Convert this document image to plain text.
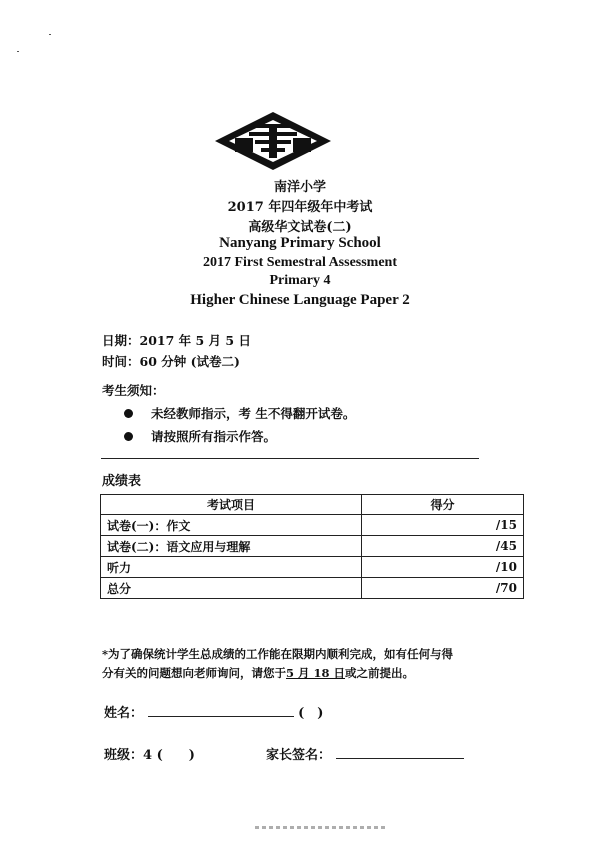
南洋小学
2017 年四年级年中考试
高级华文试卷(二)
Nanyang Primary School
2017 First Semestral Assessment
Primary 4
Higher Chinese Language Paper 2
日期：2017 年 5 月 5 日
时间：60 分钟 (试卷二)
考生须知：
未经教师指示，考 生不得翻开试卷。
请按照所有指示作答。
成绩表
考试项目	得分
试卷(一)：作文	/15
试卷(二)：语文应用与理解	/45
听力	/10
总分	/70
*为了确保统计学生总成绩的工作能在限期内顺利完成，如有任何与得
分有关的问题想向老师询问，请您于5 月 18 日或之前提出。
姓名：	(　)
班级：4 (　　)	家长签名：
